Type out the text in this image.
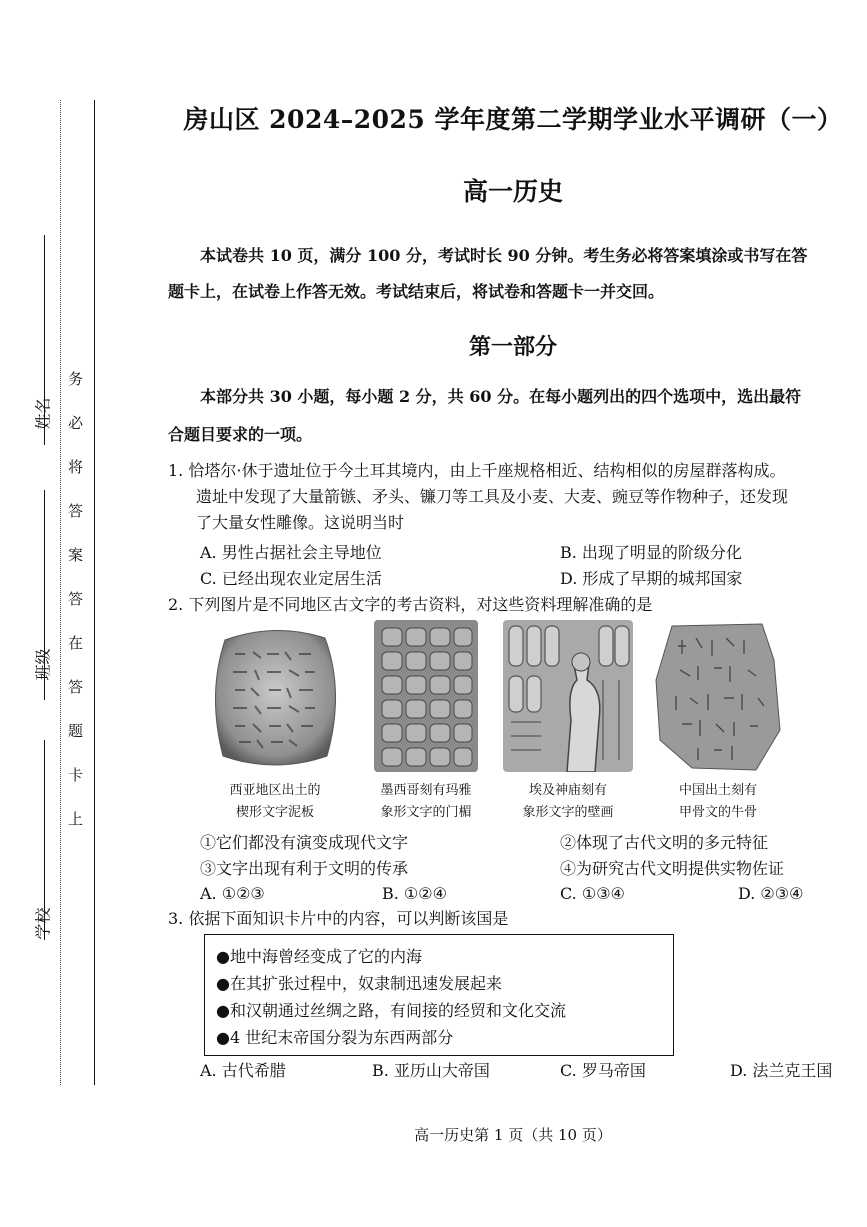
姓名
班级
学校
务
必
将
答
案
答
在
答
题
卡
上
房山区 2024–2025 学年度第二学期学业水平调研（一）
高一历史
本试卷共 10 页，满分 100 分，考试时长 90 分钟。考生务必将答案填涂或书写在答
题卡上，在试卷上作答无效。考试结束后，将试卷和答题卡一并交回。
第一部分
本部分共 30 小题，每小题 2 分，共 60 分。在每小题列出的四个选项中，选出最符
合题目要求的一项。
1. 恰塔尔·休于遗址位于今土耳其境内，由上千座规格相近、结构相似的房屋群落构成。
遗址中发现了大量箭镞、矛头、镰刀等工具及小麦、大麦、豌豆等作物种子，还发现
了大量女性雕像。这说明当时
A. 男性占据社会主导地位	B. 出现了明显的阶级分化
C. 已经出现农业定居生活	D. 形成了早期的城邦国家
2. 下列图片是不同地区古文字的考古资料，对这些资料理解准确的是
西亚地区出土的
楔形文字泥板
墨西哥刻有玛雅
象形文字的门楣
埃及神庙刻有
象形文字的壁画
中国出土刻有
甲骨文的牛骨
①它们都没有演变成现代文字	②体现了古代文明的多元特征
③文字出现有利于文明的传承	④为研究古代文明提供实物佐证
A. ①②③	B. ①②④	C. ①③④	D. ②③④
3. 依据下面知识卡片中的内容，可以判断该国是
●地中海曾经变成了它的内海
●在其扩张过程中，奴隶制迅速发展起来
●和汉朝通过丝绸之路，有间接的经贸和文化交流
●4 世纪末帝国分裂为东西两部分
A. 古代希腊	B. 亚历山大帝国	C. 罗马帝国	D. 法兰克王国
高一历史第 1 页（共 10 页）
